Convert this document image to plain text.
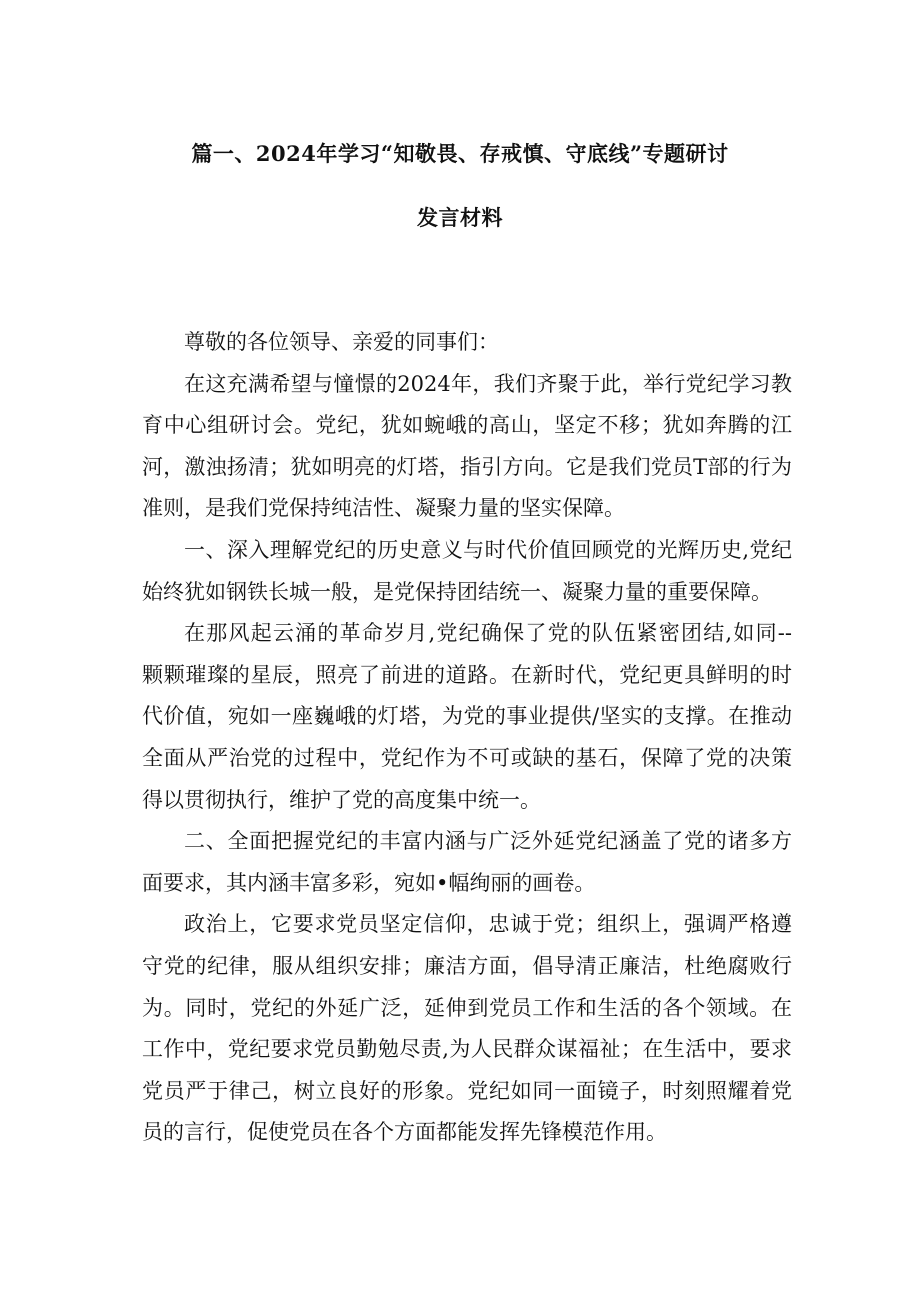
篇一、2024年学习“知敬畏、存戒慎、守底线”专题研讨
发言材料
尊敬的各位领导、亲爱的同事们：
在这充满希望与憧憬的2024年，我们齐聚于此，举行党纪学习教
育中心组研讨会。党纪，犹如蜿峨的高山，坚定不移；犹如奔腾的江
河，激浊扬清；犹如明亮的灯塔，指引方向。它是我们党员T部的行为
准则，是我们党保持纯洁性、凝聚力量的坚实保障。
一、深入理解党纪的历史意义与时代价值回顾党的光辉历史,党纪
始终犹如钢铁长城一般，是党保持团结统一、凝聚力量的重要保障。
在那风起云涌的革命岁月,党纪确保了党的队伍紧密团结,如同--
颗颗璀璨的星辰，照亮了前进的道路。在新时代，党纪更具鲜明的时
代价值，宛如一座巍峨的灯塔，为党的事业提供/坚实的支撑。在推动
全面从严治党的过程中，党纪作为不可或缺的基石，保障了党的决策
得以贯彻执行，维护了党的高度集中统一。
二、全面把握党纪的丰富内涵与广泛外延党纪涵盖了党的诸多方
面要求，其内涵丰富多彩，宛如•幅绚丽的画卷。
政治上，它要求党员坚定信仰，忠诚于党；组织上，强调严格遵
守党的纪律，服从组织安排；廉洁方面，倡导清正廉洁，杜绝腐败行
为。同时，党纪的外延广泛，延伸到党员工作和生活的各个领域。在
工作中，党纪要求党员勤勉尽责,为人民群众谋福祉；在生活中，要求
党员严于律己，树立良好的形象。党纪如同一面镜子，时刻照耀着党
员的言行，促使党员在各个方面都能发挥先锋模范作用。
